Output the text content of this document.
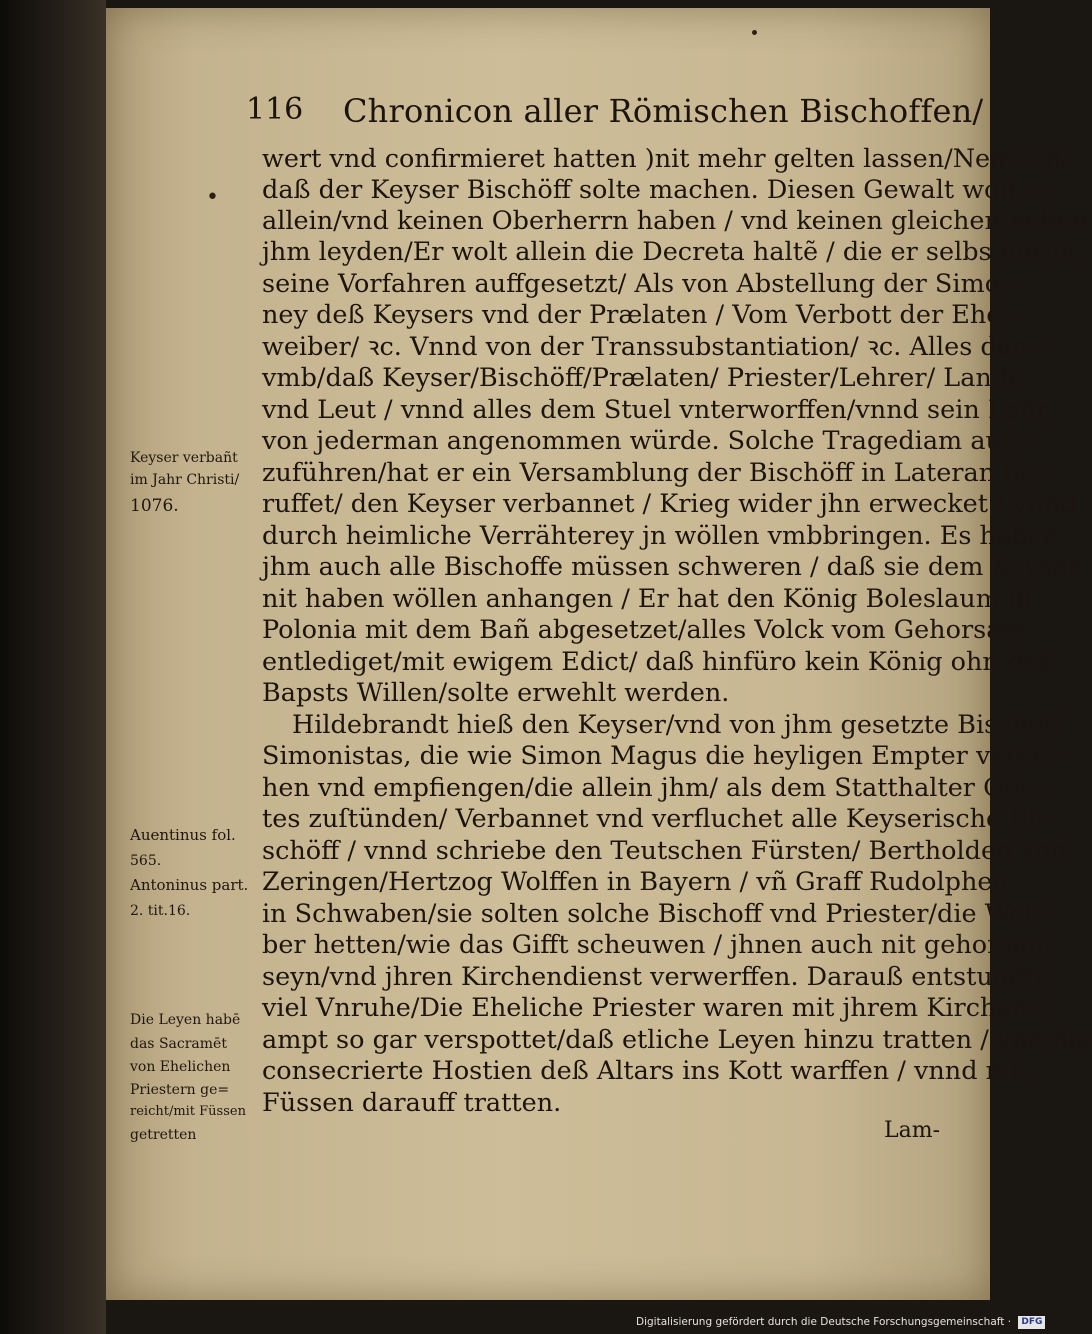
116 Chronicon aller Römischen Bischoffen/
•
wert vnd confirmieret hatten )nit mehr gelten lassen/Nemlich/
daß der Keyser Bischöff solte machen. Diesen Gewalt wolt er
allein/vnd keinen Oberherrn haben / vnd keinen gleichen neben
jhm leyden/Er wolt allein die Decreta haltẽ / die er selbs durch
seine Vorfahren auffgesetzt/ Als von Abstellung der Simo=
ney deß Keysers vnd der Prælaten / Vom Verbott der Ehe=
weiber/ ꝛc. Vnnd von der Transsubstantiation/ ꝛc. Alles dar=
vmb/daß Keyser/Bischöff/Prælaten/ Priester/Lehrer/ Lande
vnd Leut / vnnd alles dem Stuel vnterworffen/vnnd sein Lehr
von jederman angenommen würde. Solche Tragediam auß=
zuführen/hat er ein Versamblung der Bischöff in Lateran be=
ruffet/ den Keyser verbannet / Krieg wider jhn erwecket / vnnd
durch heimliche Verrähterey jn wöllen vmbbringen. Es haben
jhm auch alle Bischoffe müssen schweren / daß sie dem Keyser
nit haben wöllen anhangen / Er hat den König Boleslaum in
Polonia mit dem Bañ abgesetzet/alles Volck vom Gehorsam
entlediget/mit ewigem Edict/ daß hinfüro kein König ohn deß
Bapsts Willen/solte erwehlt werden.
Hildebrandt hieß den Keyser/vnd von jhm gesetzte Bischoff
Simonistas, die wie Simon Magus die heyligen Empter verlie=
hen vnd empfiengen/die allein jhm/ als dem Statthalter Got=
tes zuſtünden/ Verbannet vnd verfluchet alle Keyserische Bi=
schöff / vnnd schriebe den Teutschen Fürsten/ Bertholden von
Zeringen/Hertzog Wolffen in Bayern / vñ Graff Rudolphen
in Schwaben/sie solten solche Bischoff vnd Priester/die Wei=
ber hetten/wie das Gifft scheuwen / jhnen auch nit gehorsam
seyn/vnd jhren Kirchendienst verwerffen. Darauß entstundte
viel Vnruhe/Die Eheliche Priester waren mit jhrem Kirchen=
ampt so gar verspottet/daß etliche Leyen hinzu tratten / vnd die
consecrierte Hostien deß Altars ins Kott warffen / vnnd mit
Füssen darauff tratten.
Keyser verbañt
im Jahr Christi/
1076.
Auentinus fol.
565.
Antoninus part.
2. tit.16.
Die Leyen habē
das Sacramēt
von Ehelichen
Priestern ge=
reicht/mit Füssen
getretten	Lam-
Digitalisierung gefördert durch die Deutsche Forschungsgemeinschaft · DFG
